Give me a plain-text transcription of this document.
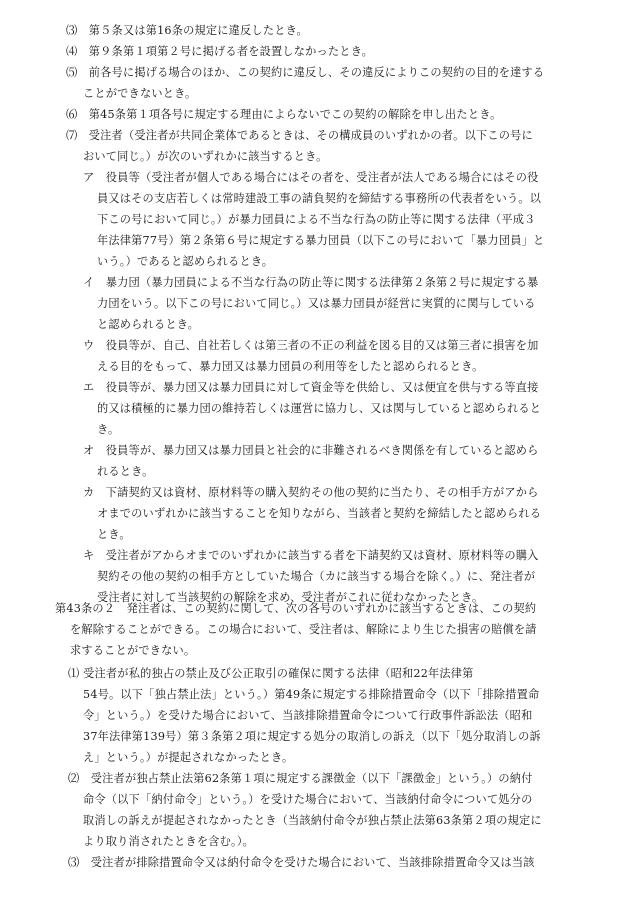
⑶　第５条又は第16条の規定に違反したとき。
⑷　第９条第１項第２号に掲げる者を設置しなかったとき。
⑸　前各号に掲げる場合のほか、この契約に違反し、その違反によりこの契約の目的を達する
ことができないとき。
⑹　第45条第１項各号に規定する理由によらないでこの契約の解除を申し出たとき。
⑺　受注者（受注者が共同企業体であるときは、その構成員のいずれかの者。以下この号に
おいて同じ。）が次のいずれかに該当するとき。
ア　役員等（受注者が個人である場合にはその者を、受注者が法人である場合にはその役
員又はその支店若しくは常時建設工事の請負契約を締結する事務所の代表者をいう。以
下この号において同じ。）が暴力団員による不当な行為の防止等に関する法律（平成３
年法律第77号）第２条第６号に規定する暴力団員（以下この号において「暴力団員」と
いう。）であると認められるとき。
イ　暴力団（暴力団員による不当な行為の防止等に関する法律第２条第２号に規定する暴
力団をいう。以下この号において同じ。）又は暴力団員が経営に実質的に関与している
と認められるとき。
ウ　役員等が、自己、自社若しくは第三者の不正の利益を図る目的又は第三者に損害を加
える目的をもって、暴力団又は暴力団員の利用等をしたと認められるとき。
エ　役員等が、暴力団又は暴力団員に対して資金等を供給し、又は便宜を供与する等直接
的又は積極的に暴力団の維持若しくは運営に協力し、又は関与していると認められると
き。
オ　役員等が、暴力団又は暴力団員と社会的に非難されるべき関係を有していると認めら
れるとき。
カ　下請契約又は資材、原材料等の購入契約その他の契約に当たり、その相手方がアから
オまでのいずれかに該当することを知りながら、当該者と契約を締結したと認められる
とき。
キ　受注者がアからオまでのいずれかに該当する者を下請契約又は資材、原材料等の購入
契約その他の契約の相手方としていた場合（カに該当する場合を除く。）に、発注者が
受注者に対して当該契約の解除を求め、受注者がこれに従わなかったとき。
第43条の２　発注者は、この契約に関して、次の各号のいずれかに該当するときは、この契約
を解除することができる。この場合において、受注者は、解除により生じた損害の賠償を請
求することができない。
⑴ 受注者が私的独占の禁止及び公正取引の確保に関する法律（昭和22年法律第
54号。以下「独占禁止法」という。）第49条に規定する排除措置命令（以下「排除措置命
令」という。）を受けた場合において、当該排除措置命令について行政事件訴訟法（昭和
37年法律第139号）第３条第２項に規定する処分の取消しの訴え（以下「処分取消しの訴
え」という。）が提起されなかったとき。
⑵　受注者が独占禁止法第62条第１項に規定する課徴金（以下「課徴金」という。）の納付
命令（以下「納付命令」という。）を受けた場合において、当該納付命令について処分の
取消しの訴えが提起されなかったとき（当該納付命令が独占禁止法第63条第２項の規定に
より取り消されたときを含む。）。
⑶　受注者が排除措置命令又は納付命令を受けた場合において、当該排除措置命令又は当該
